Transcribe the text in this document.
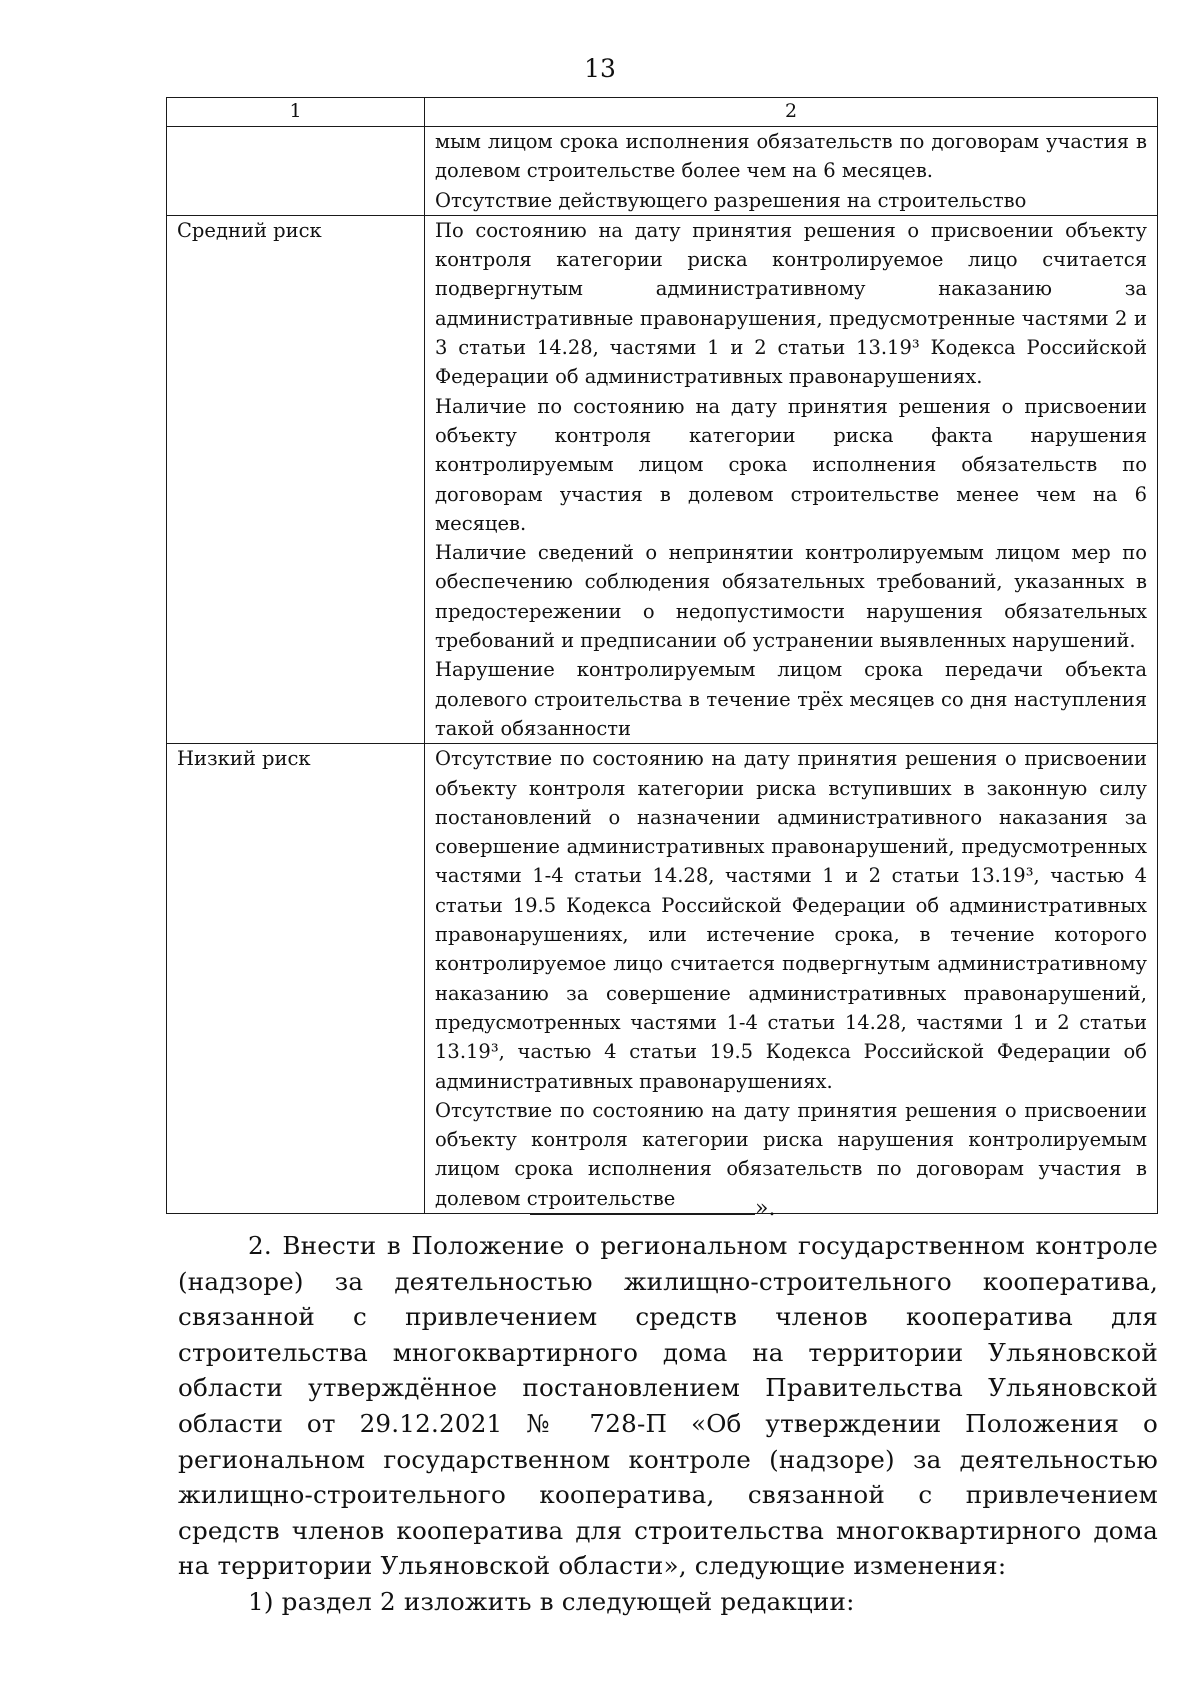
13
1	2

	мым лицом срока исполнения обязательств по договорам участия в долевом строительстве более чем на 6 месяцев.

Отсутствие действующего разрешения на строительство

Средний риск	По состоянию на дату принятия решения о присвоении объекту контроля категории риска контролируемое лицо считается подвергнутым административному наказанию за административные правонарушения, предусмотренные частями 2 и 3 статьи 14.28, частями 1 и 2 статьи 13.19³ Кодекса Российской Федерации об административных правонарушениях.

Наличие по состоянию на дату принятия решения о присвоении объекту контроля категории риска факта нарушения контролируемым лицом срока исполнения обязательств по договорам участия в долевом строительстве менее чем на 6 месяцев.

Наличие сведений о непринятии контролируемым лицом мер по обеспечению соблюдения обязательных требований, указанных в предостережении о недопустимости нарушения обязательных требований и предписании об устранении выявленных нарушений.

Нарушение контролируемым лицом срока передачи объекта долевого строительства в течение трёх месяцев со дня наступления такой обязанности

Низкий риск	Отсутствие по состоянию на дату принятия решения о присвоении объекту контроля категории риска вступивших в законную силу постановлений о назначении административного наказания за совершение административных правонарушений, предусмотренных частями 1-4 статьи 14.28, частями 1 и 2 статьи 13.19³, частью 4 статьи 19.5 Кодекса Российской Федерации об административных правонарушениях, или истечение срока, в течение которого контролируемое лицо считается подвергнутым административному наказанию за совершение административных правонарушений, предусмотренных частями 1-4 статьи 14.28, частями 1 и 2 статьи 13.19³, частью 4 статьи 19.5 Кодекса Российской Федерации об административных правонарушениях.

Отсутствие по состоянию на дату принятия решения о присвоении объекту контроля категории риска нарушения контролируемым лицом срока исполнения обязательств по договорам участия в долевом строительстве	».

2. Внести в Положение о региональном государственном контроле (надзоре) за деятельностью жилищно-строительного кооператива, связанной с привлечением средств членов кооператива для строительства многоквартирного дома на территории Ульяновской области утверждённое постановлением Правительства Ульяновской области от 29.12.2021 № 728-П «Об утверждении Положения о региональном государственном контроле (надзоре) за деятельностью жилищно-строительного кооператива, связанной с привлечением средств членов кооператива для строительства многоквартирного дома на территории Ульяновской области», следующие изменения:

1) раздел 2 изложить в следующей редакции:
